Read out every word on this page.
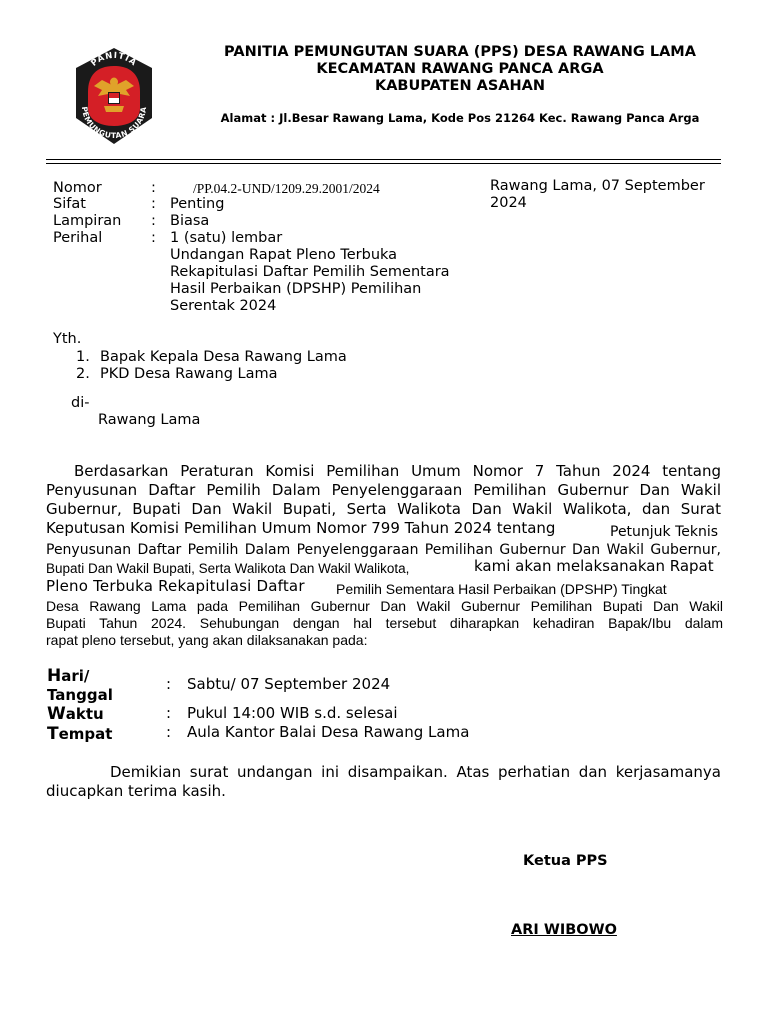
PANITIA
PEMUNGUTAN SUARA
PANITIA PEMUNGUTAN SUARA (PPS) DESA RAWANG LAMA
KECAMATAN RAWANG PANCA ARGA
KABUPATEN ASAHAN
Alamat : Jl.Besar Rawang Lama, Kode Pos 21264 Kec. Rawang Panca Arga
Nomor	:	/PP.04.2-UND/1209.29.2001/2024
Sifat	: Penting
Lampiran : Biasa
Perihal	: 1 (satu) lembar
Undangan Rapat Pleno Terbuka
Rekapitulasi Daftar Pemilih Sementara
Hasil Perbaikan (DPSHP) Pemilihan
Serentak 2024
Rawang Lama, 07 September
2024
Yth.
1. Bapak Kepala Desa Rawang Lama
2. PKD Desa Rawang Lama
di-
Rawang Lama
Berdasarkan Peraturan Komisi Pemilihan Umum Nomor 7 Tahun 2024 tentang
Penyusunan Daftar Pemilih Dalam Penyelenggaraan Pemilihan Gubernur Dan Wakil
Gubernur, Bupati Dan Wakil Bupati, Serta Walikota Dan Wakil Walikota, dan Surat
Keputusan Komisi Pemilihan Umum Nomor 799 Tahun 2024 tentang	Petunjuk Teknis
Penyusunan Daftar Pemilih Dalam Penyelenggaraan Pemilihan Gubernur Dan Wakil Gubernur,
Bupati Dan Wakil Bupati, Serta Walikota Dan Wakil Walikota,	kami akan melaksanakan Rapat
Pleno Terbuka Rekapitulasi Daftar Pemilih Sementara Hasil Perbaikan (DPSHP) Tingkat
Desa Rawang Lama pada Pemilihan Gubernur Dan Wakil Gubernur Pemilihan Bupati Dan Wakil
Bupati Tahun 2024. Sehubungan dengan hal tersebut diharapkan kehadiran Bapak/Ibu dalam
rapat pleno tersebut, yang akan dilaksanakan pada:
Hari/
Tanggal
: Sabtu/ 07 September 2024
Waktu	: Pukul 14:00 WIB s.d. selesai
Tempat	: Aula Kantor Balai Desa Rawang Lama
Demikian surat undangan ini disampaikan. Atas perhatian dan kerjasamanya
diucapkan terima kasih.
Ketua PPS
ARI WIBOWO
